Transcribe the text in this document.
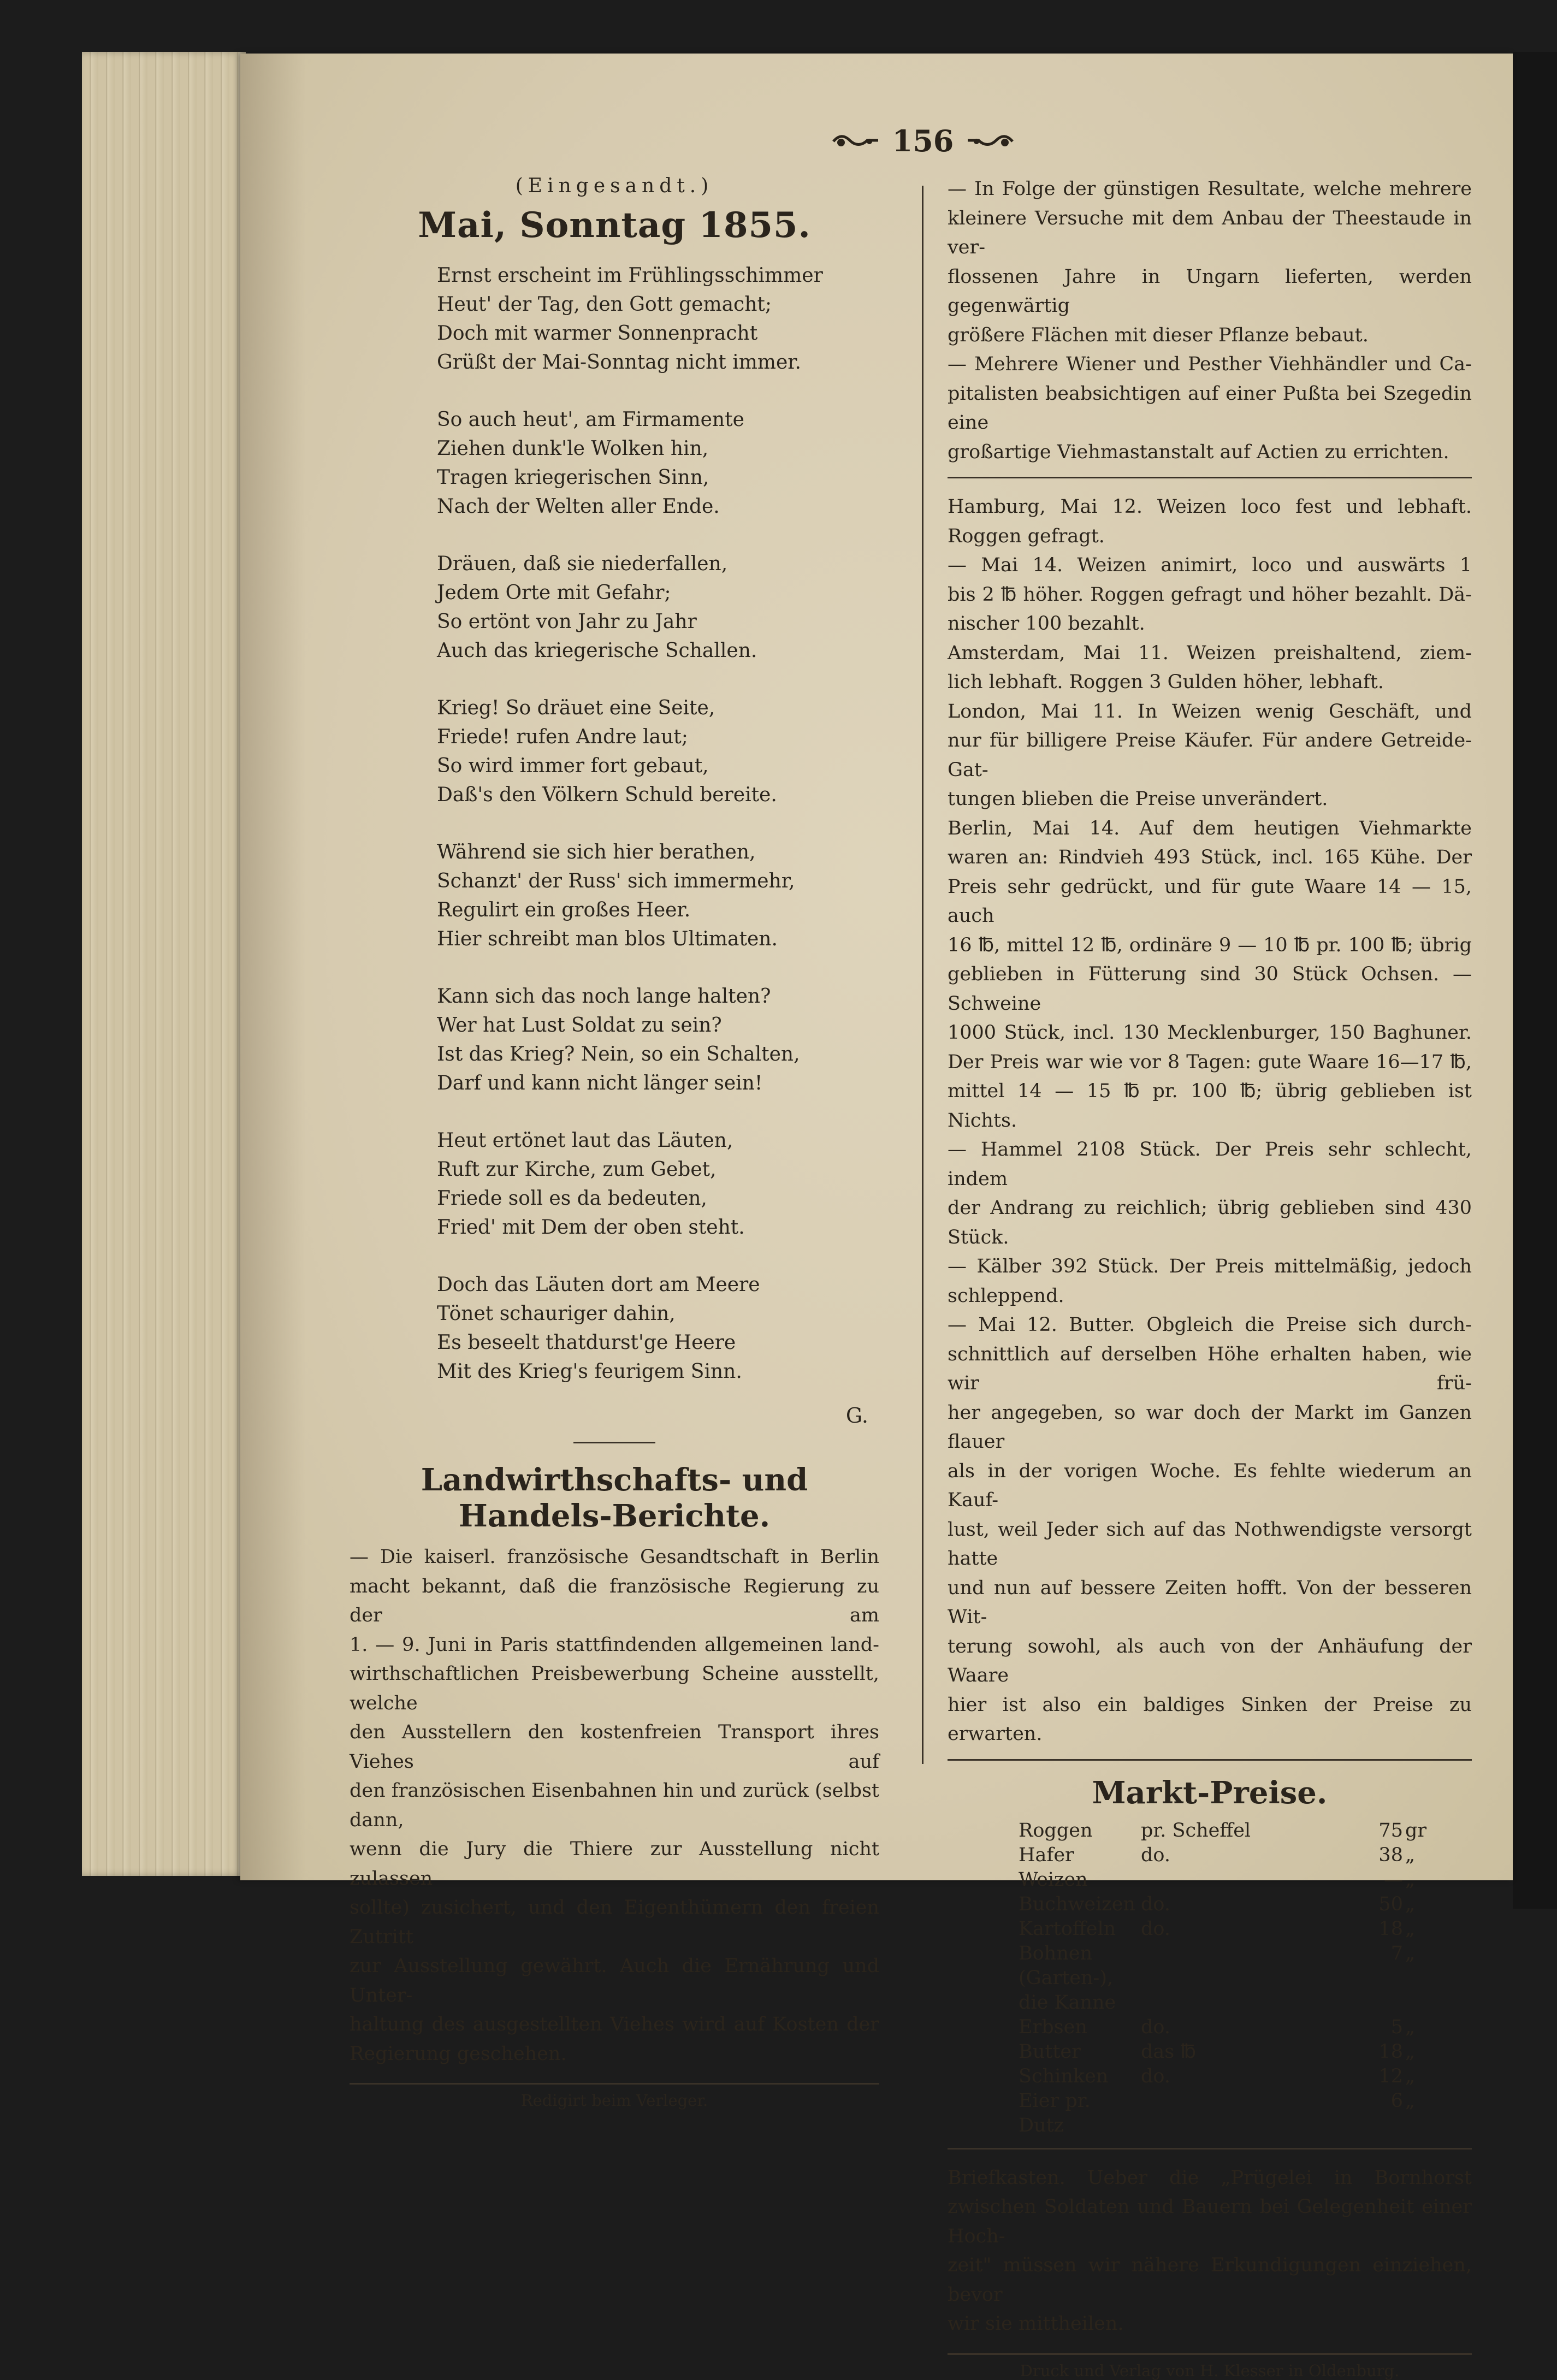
156
(Eingesandt.)
Mai, Sonntag 1855.
Ernst erscheint im Frühlingsschimmer
Heut' der Tag, den Gott gemacht;
Doch mit warmer Sonnenpracht
Grüßt der Mai-Sonntag nicht immer.
So auch heut', am Firmamente
Ziehen dunk'le Wolken hin,
Tragen kriegerischen Sinn,
Nach der Welten aller Ende.
Dräuen, daß sie niederfallen,
Jedem Orte mit Gefahr;
So ertönt von Jahr zu Jahr
Auch das kriegerische Schallen.
Krieg! So dräuet eine Seite,
Friede! rufen Andre laut;
So wird immer fort gebaut,
Daß's den Völkern Schuld bereite.
Während sie sich hier berathen,
Schanzt' der Russ' sich immermehr,
Regulirt ein großes Heer.
Hier schreibt man blos Ultimaten.
Kann sich das noch lange halten?
Wer hat Lust Soldat zu sein?
Ist das Krieg? Nein, so ein Schalten,
Darf und kann nicht länger sein!
Heut ertönet laut das Läuten,
Ruft zur Kirche, zum Gebet,
Friede soll es da bedeuten,
Fried' mit Dem der oben steht.
Doch das Läuten dort am Meere
Tönet schauriger dahin,
Es beseelt thatdurst'ge Heere
Mit des Krieg's feurigem Sinn.
G.
Landwirthschafts- und Handels-Berichte.
— Die kaiserl. französische Gesandtschaft in Berlin
macht bekannt, daß die französische Regierung zu der am
1. — 9. Juni in Paris stattfindenden allgemeinen land-
wirthschaftlichen Preisbewerbung Scheine ausstellt, welche
den Ausstellern den kostenfreien Transport ihres Viehes auf
den französischen Eisenbahnen hin und zurück (selbst dann,
wenn die Jury die Thiere zur Ausstellung nicht zulassen
sollte) zusichert, und den Eigenthümern den freien Zutritt
zur Ausstellung gewährt. Auch die Ernährung und Unter-
haltung des ausgestellten Viehes wird auf Kosten der
Regierung geschehen.
Redigirt beim Verleger.
— In Folge der günstigen Resultate, welche mehrere
kleinere Versuche mit dem Anbau der Theestaude in ver-
flossenen Jahre in Ungarn lieferten, werden gegenwärtig
größere Flächen mit dieser Pflanze bebaut.
— Mehrere Wiener und Pesther Viehhändler und Ca-
pitalisten beabsichtigen auf einer Pußta bei Szegedin eine
großartige Viehmastanstalt auf Actien zu errichten.
Hamburg, Mai 12. Weizen loco fest und lebhaft.
Roggen gefragt.
— Mai 14. Weizen animirt, loco und auswärts 1
bis 2 ℔ höher. Roggen gefragt und höher bezahlt. Dä-
nischer 100 bezahlt.
Amsterdam, Mai 11. Weizen preishaltend, ziem-
lich lebhaft. Roggen 3 Gulden höher, lebhaft.
London, Mai 11. In Weizen wenig Geschäft, und
nur für billigere Preise Käufer. Für andere Getreide-Gat-
tungen blieben die Preise unverändert.
Berlin, Mai 14. Auf dem heutigen Viehmarkte
waren an: Rindvieh 493 Stück, incl. 165 Kühe. Der
Preis sehr gedrückt, und für gute Waare 14 — 15, auch
16 ℔, mittel 12 ℔, ordinäre 9 — 10 ℔ pr. 100 ℔; übrig
geblieben in Fütterung sind 30 Stück Ochsen. — Schweine
1000 Stück, incl. 130 Mecklenburger, 150 Baghuner.
Der Preis war wie vor 8 Tagen: gute Waare 16—17 ℔,
mittel 14 — 15 ℔ pr. 100 ℔; übrig geblieben ist Nichts.
— Hammel 2108 Stück. Der Preis sehr schlecht, indem
der Andrang zu reichlich; übrig geblieben sind 430 Stück.
— Kälber 392 Stück. Der Preis mittelmäßig, jedoch
schleppend.
— Mai 12. Butter. Obgleich die Preise sich durch-
schnittlich auf derselben Höhe erhalten haben, wie wir frü-
her angegeben, so war doch der Markt im Ganzen flauer
als in der vorigen Woche. Es fehlte wiederum an Kauf-
lust, weil Jeder sich auf das Nothwendigste versorgt hatte
und nun auf bessere Zeiten hofft. Von der besseren Wit-
terung sowohl, als auch von der Anhäufung der Waare
hier ist also ein baldiges Sinken der Preise zu erwarten.
Markt-Preise.
Roggen	pr. Scheffel	75	gr
Hafer	do.	38	„
Weizen		—	„
Buchweizen	do.	50	„
Kartoffeln	do.	18	„
Bohnen (Garten-), die Kanne		7	„
Erbsen	do.	5	„
Butter	das ℔	18	„
Schinken	do.	12	„
Eier pr. Dutz		6	„
Briefkasten. Ueber die „Prügelei in Bornhorst
zwischen Soldaten und Bauern bei Gelegenheit einer Hoch-
zeit" müssen wir nähere Erkundigungen einziehen, bevor
wir sie mittheilen.
Druck und Verlag von H. Klesser in Oldenburg.
